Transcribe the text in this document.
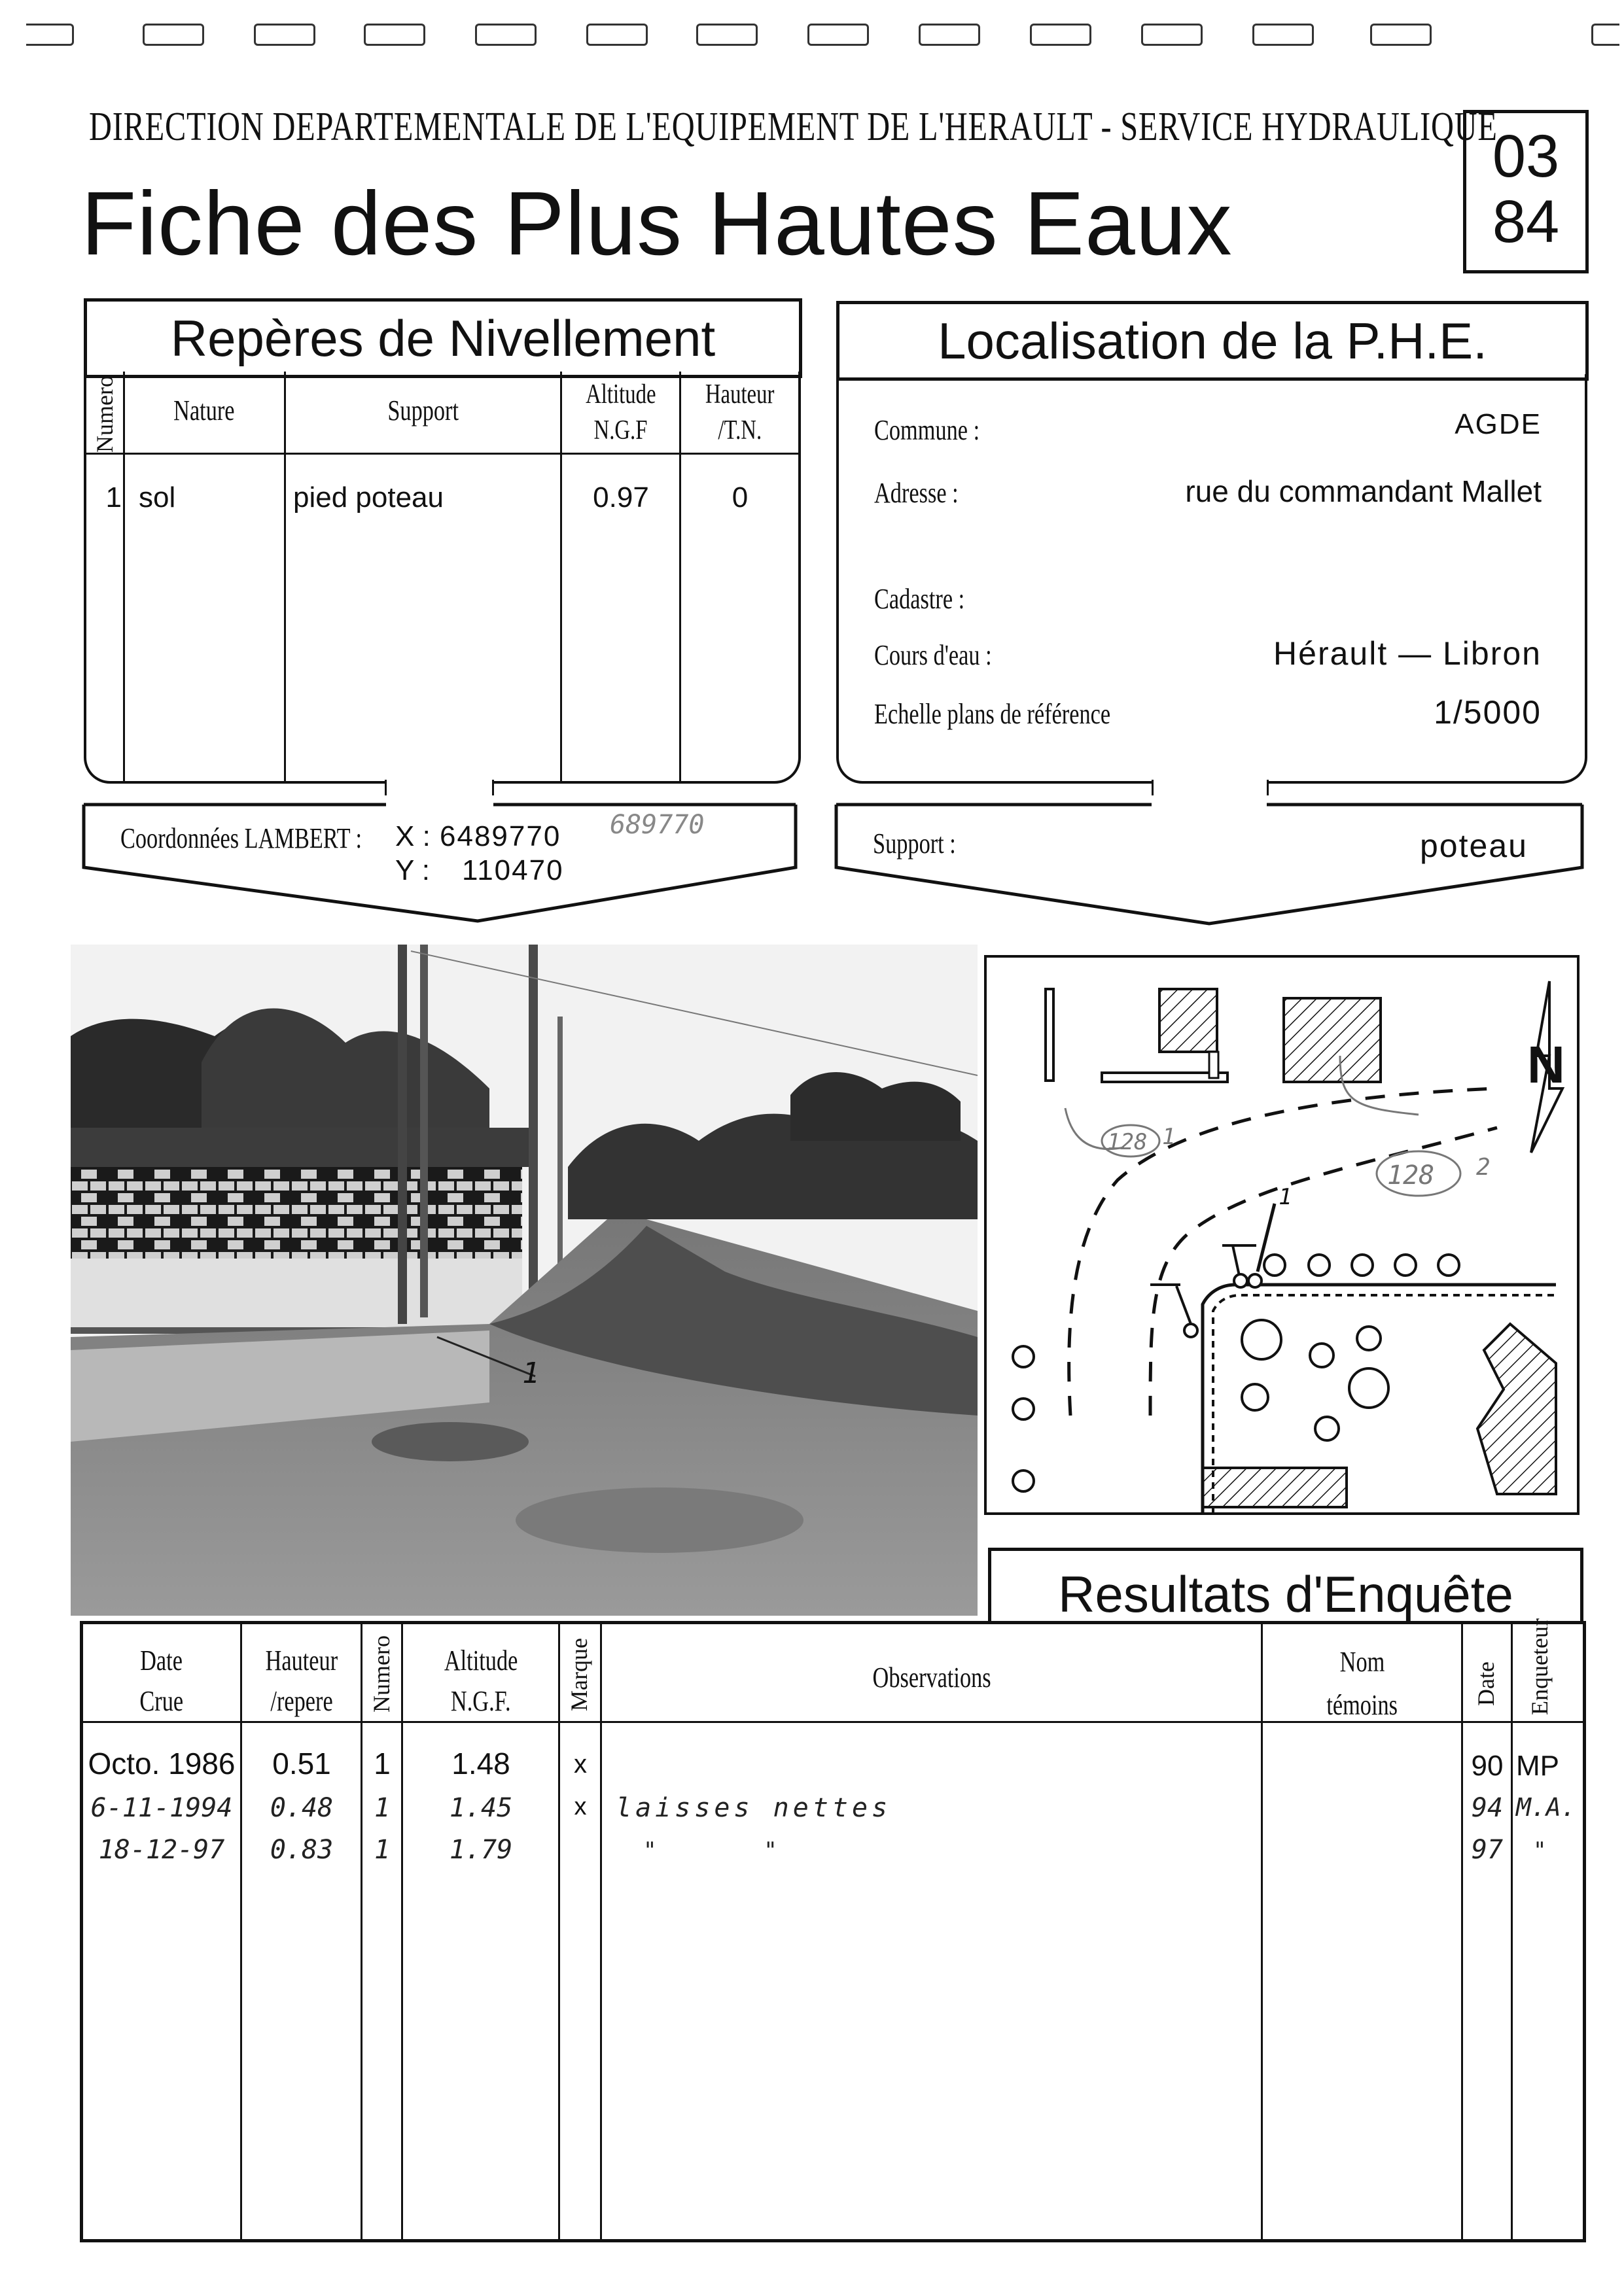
DIRECTION DEPARTEMENTALE DE L'EQUIPEMENT DE L'HERAULT - SERVICE HYDRAULIQUE
Fiche des Plus Hautes Eaux
03
84
Repères de Nivellement
Numero	Nature	Support	Altitude
N.G.F
Hauteur
/T.N.
1 sol	pied poteau	0.97	0
Coordonnées LAMBERT :	X : 6489770 689770
Y : 110470
Localisation de la P.H.E.
Commune :	AGDE
Adresse :	rue du commandant Mallet
Cadastre :
Cours d'eau :	Hérault — Libron
Echelle plans de référence	1/5000
Support :	poteau
1
N
1
128 1
128 2
Resultats d'Enquête
Date
Crue
Hauteur
/repere	Numero	Altitude
N.G.F.	Marque	Observations	Nom
témoins	Date Enqueteur
Octo. 1986	0.51	1	1.48	x	90 MP
6-11-1994	0.48	1	1.45	x	laisses nettes	94 M.A.
18-12-97	0.83	1	1.79	"        "	97	"
